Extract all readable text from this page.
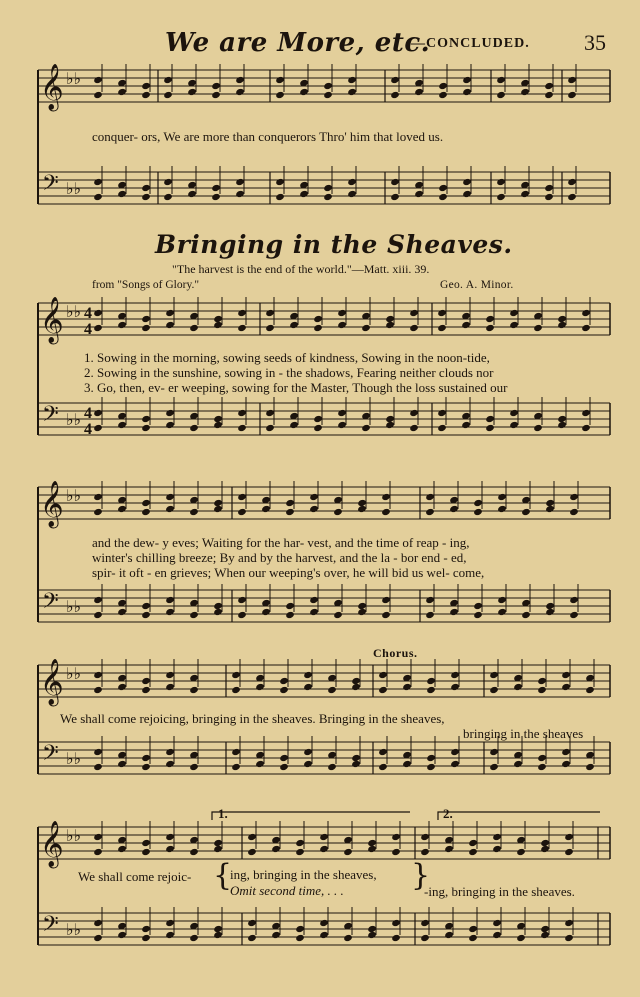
We are More, etc.
—CONCLUDED. 35
conquer- ors, We are more than conquerors Thro' him that loved us.
Bringing in the Sheaves.
"The harvest is the end of the world."—Matt. xiii. 39.
from "Songs of Glory."	Geo. A. Minor.
1. Sowing in the morning, sowing seeds of kindness, Sowing in the noon-tide,
2. Sowing in the sunshine, sowing in - the shadows, Fearing neither clouds nor
3. Go, then, ev- er weeping, sowing for the Master, Though the loss sustained our
and the dew- y eves; Waiting for the har- vest, and the time of reap - ing,
winter's chilling breeze; By and by the harvest, and the la - bor end - ed,
spir- it oft - en grieves; When our weeping's over, he will bid us wel- come,
Chorus.
We shall come rejoicing, bringing in the sheaves. Bringing in the sheaves,
bringing in the sheaves
1.	2.
We shall come rejoic- {
ing, bringing in the sheaves,
Omit second time, . . . }
-ing, bringing in the sheaves.
𝄞
𝄢
♭♭
♭♭
𝄞
𝄢
♭♭
♭♭
𝄞
𝄢
♭♭
♭♭
𝄞
𝄢
♭♭
♭♭
𝄞
𝄢
♭♭
♭♭
4
4
4
4
